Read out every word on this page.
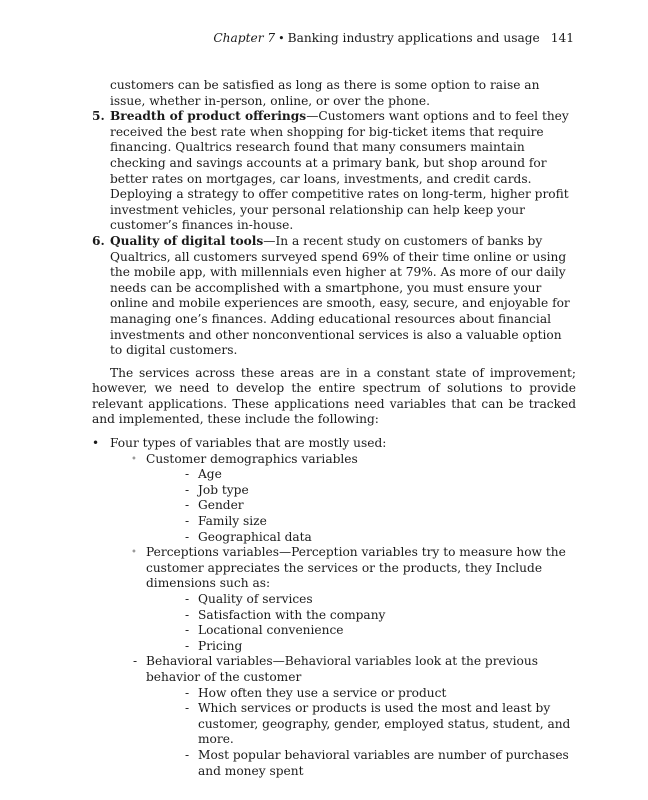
Chapter 7 • Banking industry applications and usage 141

customers can be satisfied as long as there is some option to raise an issue, whether in-person, online, or over the phone.

5. Breadth of product offerings—Customers want options and to feel they received the best rate when shopping for big-ticket items that require financing. Qualtrics research found that many consumers maintain checking and savings accounts at a primary bank, but shop around for better rates on mortgages, car loans, investments, and credit cards. Deploying a strategy to offer competitive rates on long-term, higher profit investment vehicles, your personal relationship can help keep your customer’s finances in-house.
6. Quality of digital tools—In a recent study on customers of banks by Qualtrics, all customers surveyed spend 69% of their time online or using the mobile app, with millennials even higher at 79%. As more of our daily needs can be accomplished with a smartphone, you must ensure your online and mobile experiences are smooth, easy, secure, and enjoyable for managing one’s finances. Adding educational resources about financial investments and other nonconventional services is also a valuable option to digital customers.

The services across these areas are in a constant state of improvement; however, we need to develop the entire spectrum of solutions to provide relevant applications. These applications need variables that can be tracked and implemented, these include the following:

• Four types of variables that are mostly used:
• Customer demographics variables
- Age
- Job type
- Gender
- Family size
- Geographical data
• Perceptions variables—Perception variables try to measure how the customer appreciates the services or the products, they Include dimensions such as:
- Quality of services
- Satisfaction with the company
- Locational convenience
- Pricing
- Behavioral variables—Behavioral variables look at the previous behavior of the customer
- How often they use a service or product
- Which services or products is used the most and least by customer, geography, gender, employed status, student, and more.
- Most popular behavioral variables are number of purchases and money spent
